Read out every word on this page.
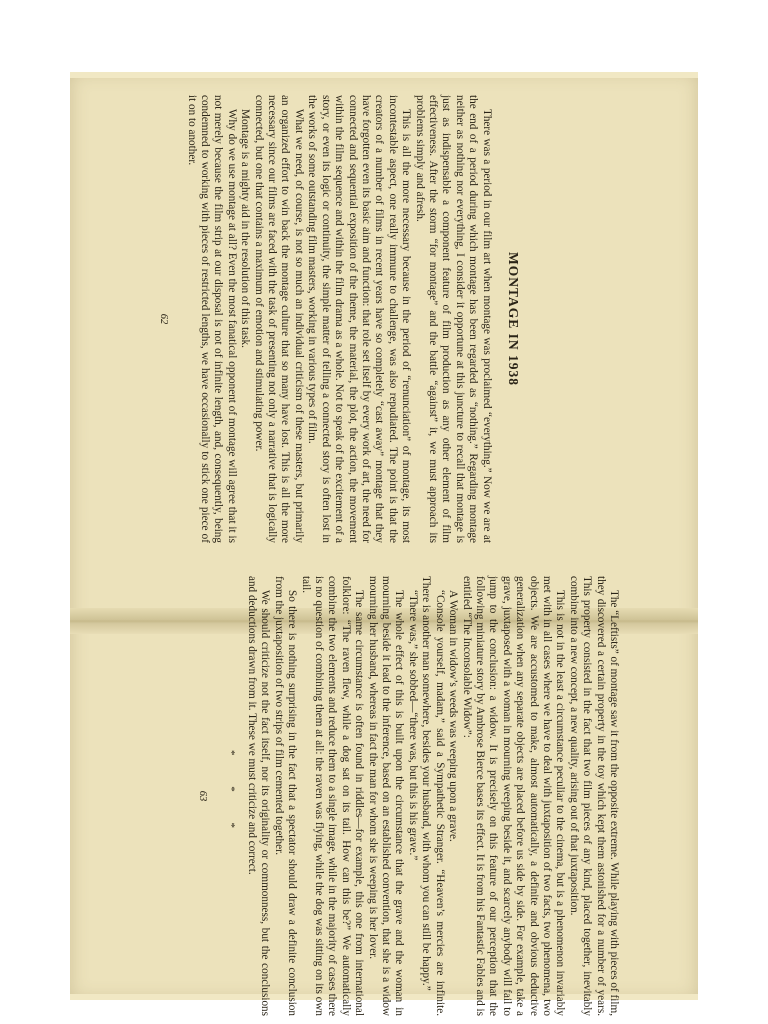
MONTAGE IN 1938

There was a period in our film art when montage was proclaimed “everything.” Now we are at the end of a period during which montage has been regarded as “nothing.” Regarding montage neither as nothing nor everything, I consider it opportune at this juncture to recall that montage is just as indispensable a component feature of film production as any other element of film effectiveness. After the storm “for montage” and the battle “against” it, we must approach its problems simply and afresh.

This is all the more necessary because in the period of “renunciation” of montage, its most incontestable aspect, one really immune to challenge, was also repudiated. The point is that the creators of a number of films in recent years have so completely “cast away” montage that they have forgotten even its basic aim and function: that role set itself by every work of art, the need for connected and sequential exposition of the theme, the material, the plot, the action, the movement within the film sequence and within the film drama as a whole. Not to speak of the excitement of a story, or even its logic or continuity, the simple matter of telling a connected story is often lost in the works of some outstanding film masters, working in various types of film.

What we need, of course, is not so much an individual criticism of these masters, but primarily an organized effort to win back the montage culture that so many have lost. This is all the more necessary since our films are faced with the task of presenting not only a narrative that is logically connected, but one that contains a maximum of emotion and stimulating power.

Montage is a mighty aid in the resolution of this task.

Why do we use montage at all? Even the most fanatical opponent of montage will agree that it is not merely because the film strip at our disposal is not of infinite length, and, consequently, being condemned to working with pieces of restricted lengths, we have occasionally to stick one piece of it on to another.

62

The “Leftists” of montage saw it from the opposite extreme. While playing with pieces of film, they discovered a certain property in the toy which kept them astonished for a number of years. This property consisted in the fact that two film pieces of any kind, placed together, inevitably combine into a new concept, a new quality, arising out of that juxtaposition.

This is not in the least a circumstance peculiar to the cinema, but is a phenomenon invariably met with in all cases where we have to deal with juxtaposition of two facts, two phenomena, two objects. We are accustomed to make, almost automatically, a definite and obvious deductive generalization when any separate objects are placed before us side by side. For example, take a grave, juxtaposed with a woman in mourning weeping beside it, and scarcely anybody will fail to jump to the conclusion: a widow. It is precisely on this feature of our perception that the following miniature story by Ambrose Bierce bases its effect. It is from his Fantastic Fables and is entitled “The Inconsolable Widow”:

A Woman in widow’s weeds was weeping upon a grave.

“Console yourself, madam,” said a Sympathetic Stranger. “Heaven’s mercies are infinite. There is another man somewhere, besides your husband, with whom you can still be happy.”

“There was,” she sobbed—“there was, but this is his grave.”

The whole effect of this is built upon the circumstance that the grave and the woman in mourning beside it lead to the inference, based on an established convention, that she is a widow mourning her husband, whereas in fact the man for whom she is weeping is her lover.

The same circumstance is often found in riddles—for example, this one from international folklore: “The raven flew, while a dog sat on its tail. How can this be?” We automatically combine the two elements and reduce them to a single image, while in the majority of cases there is no question of combining them at all: the raven was flying, while the dog was sitting on its own tail.

So there is nothing surprising in the fact that a spectator should draw a definite conclusion from the juxtaposition of two strips of film cemented together.

We should criticize not the fact itself, nor its originality or commonness, but the conclusions and deductions drawn from it. These we must criticize and correct.

* * *
63
